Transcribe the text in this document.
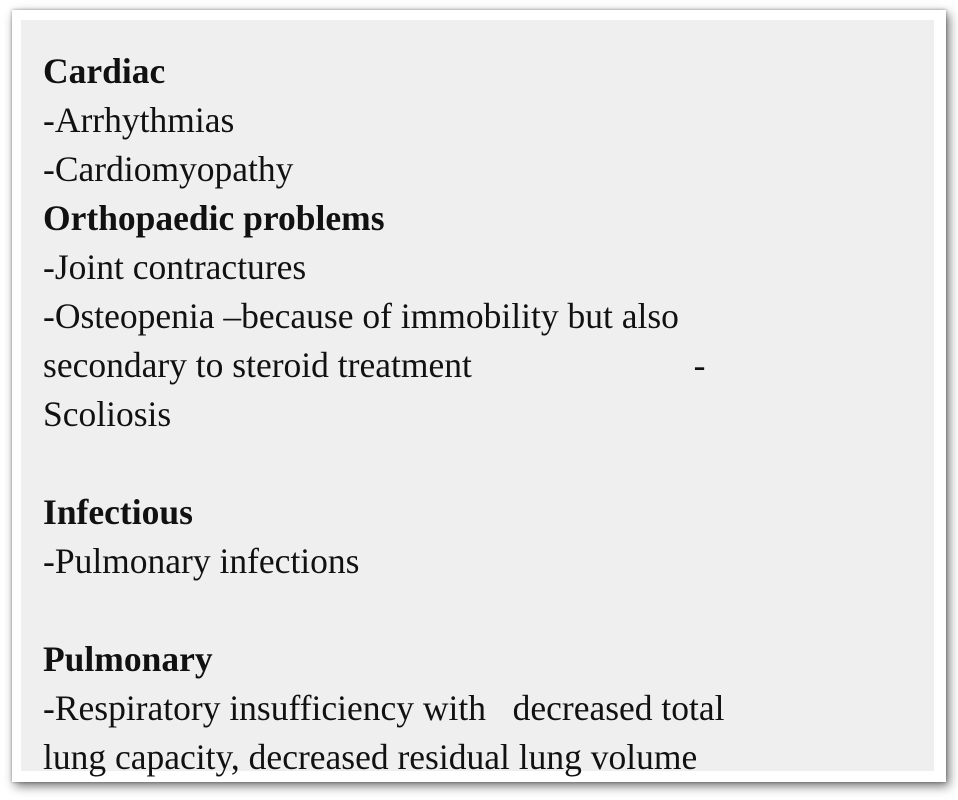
Cardiac
-Arrhythmias
-Cardiomyopathy
Orthopaedic problems
-Joint contractures
-Osteopenia –because of immobility but also
secondary to steroid treatment                         -
Scoliosis
Infectious
-Pulmonary infections
Pulmonary
-Respiratory insufficiency with   decreased total
lung capacity, decreased residual lung volume
